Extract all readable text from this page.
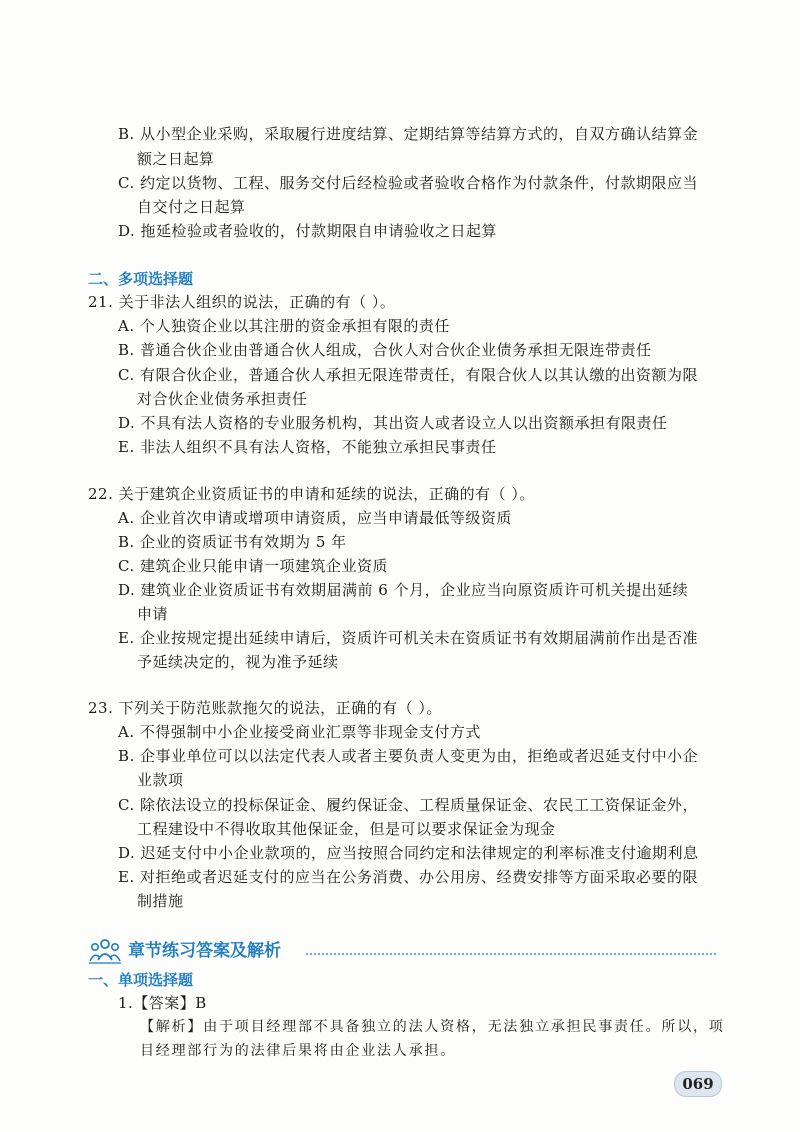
B. 从小型企业采购，采取履行进度结算、定期结算等结算方式的，自双方确认结算金
额之日起算
C. 约定以货物、工程、服务交付后经检验或者验收合格作为付款条件，付款期限应当
自交付之日起算
D. 拖延检验或者验收的，付款期限自申请验收之日起算
二、多项选择题
21. 关于非法人组织的说法，正确的有（ ）。
A. 个人独资企业以其注册的资金承担有限的责任
B. 普通合伙企业由普通合伙人组成，合伙人对合伙企业债务承担无限连带责任
C. 有限合伙企业，普通合伙人承担无限连带责任，有限合伙人以其认缴的出资额为限
对合伙企业债务承担责任
D. 不具有法人资格的专业服务机构，其出资人或者设立人以出资额承担有限责任
E. 非法人组织不具有法人资格，不能独立承担民事责任
22. 关于建筑企业资质证书的申请和延续的说法，正确的有（ ）。
A. 企业首次申请或增项申请资质，应当申请最低等级资质
B. 企业的资质证书有效期为 5 年
C. 建筑企业只能申请一项建筑企业资质
D. 建筑业企业资质证书有效期届满前 6 个月，企业应当向原资质许可机关提出延续
申请
E. 企业按规定提出延续申请后，资质许可机关未在资质证书有效期届满前作出是否准
予延续决定的，视为准予延续
23. 下列关于防范账款拖欠的说法，正确的有（ ）。
A. 不得强制中小企业接受商业汇票等非现金支付方式
B. 企事业单位可以以法定代表人或者主要负责人变更为由，拒绝或者迟延支付中小企
业款项
C. 除依法设立的投标保证金、履约保证金、工程质量保证金、农民工工资保证金外，
工程建设中不得收取其他保证金，但是可以要求保证金为现金
D. 迟延支付中小企业款项的，应当按照合同约定和法律规定的利率标准支付逾期利息
E. 对拒绝或者迟延支付的应当在公务消费、办公用房、经费安排等方面采取必要的限
制措施
章节练习答案及解析
一、单项选择题
1.【答案】B
【解析】由于项目经理部不具备独立的法人资格，无法独立承担民事责任。所以，项
目经理部行为的法律后果将由企业法人承担。
069
